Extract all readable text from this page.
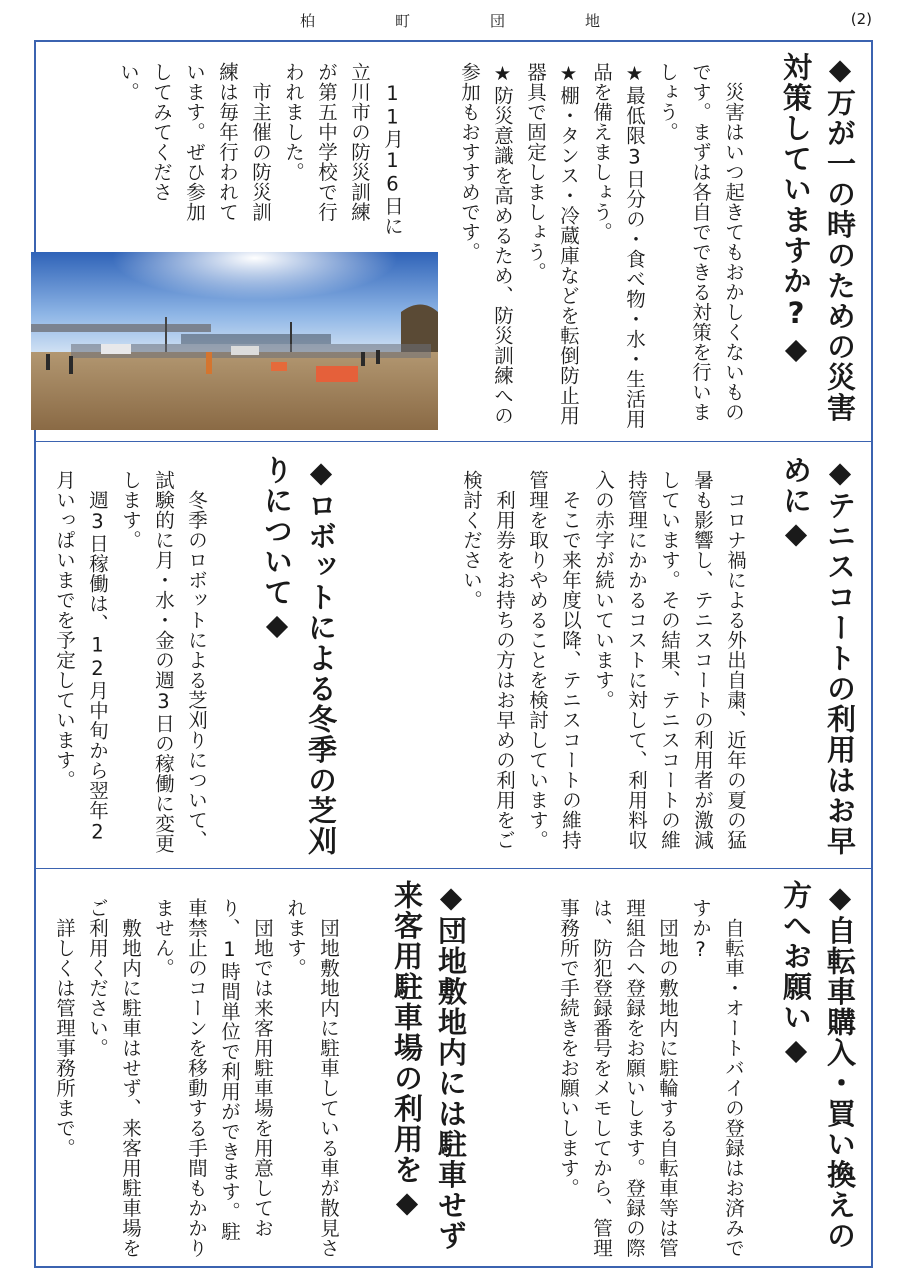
柏	町	団	地	(2)
◆万が一の時のための災害対策していますか?◆

災害はいつ起きてもおかしくないものです。まずは各自でできる対策を行いましょう。

★最低限3日分の・食べ物・水・生活用品を備えましょう。

★棚・タンス・冷蔵庫などを転倒防止用器具で固定しましょう。

★防災意識を高めるため、防災訓練への参加もおすすめです。

11月16日に立川市の防災訓練が第五中学校で行われました。

市主催の防災訓練は毎年行われています。ぜひ参加してみてください。

◆テニスコートの利用はお早めに◆

コロナ禍による外出自粛、近年の夏の猛暑も影響し、テニスコートの利用者が激減しています。その結果、テニスコートの維持管理にかかるコストに対して、利用料収入の赤字が続いています。

そこで来年度以降、テニスコートの維持管理を取りやめることを検討しています。

利用券をお持ちの方はお早めの利用をご検討ください。

◆ロボットによる冬季の芝刈りについて◆

冬季のロボットによる芝刈りについて、試験的に月・水・金の週3日の稼働に変更します。

週3日稼働は、12月中旬から翌年2月いっぱいまでを予定しています。

◆自転車購入・買い換えの方へお願い◆

自転車・オートバイの登録はお済みですか?

団地の敷地内に駐輪する自転車等は管理組合へ登録をお願いします。登録の際は、防犯登録番号をメモしてから、管理事務所で手続きをお願いします。

◆団地敷地内には駐車せず来客用駐車場の利用を◆

団地敷地内に駐車している車が散見されます。

団地では来客用駐車場を用意しており、1時間単位で利用ができます。駐車禁止のコーンを移動する手間もかかりません。

敷地内に駐車はせず、来客用駐車場をご利用ください。

詳しくは管理事務所まで。
